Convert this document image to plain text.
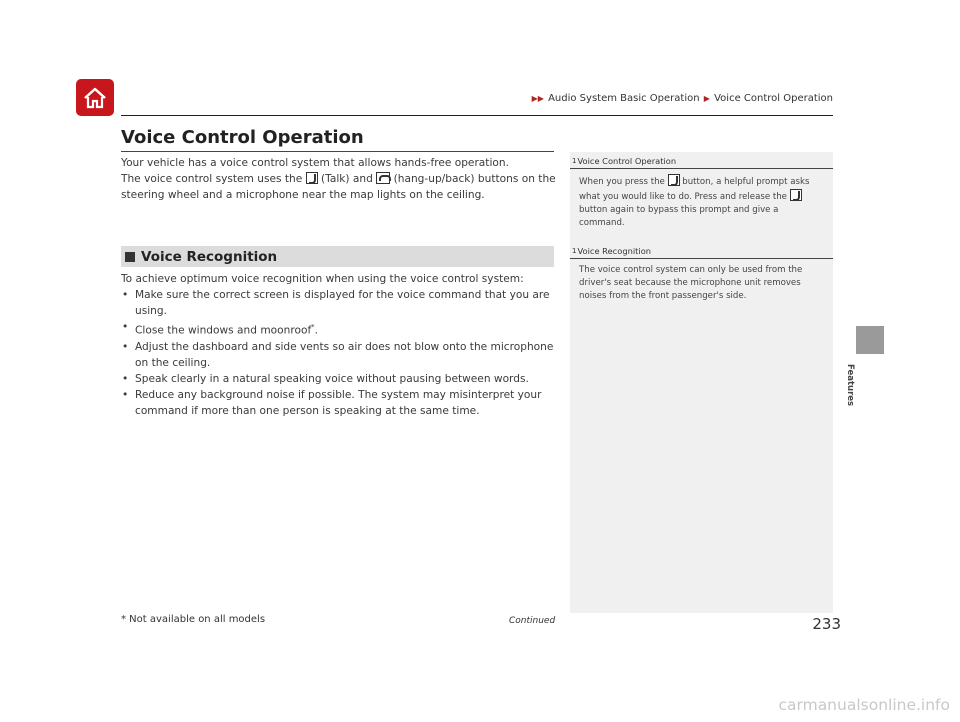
▶▶ Audio System Basic Operation ▶ Voice Control Operation
Voice Control Operation

Your vehicle has a voice control system that allows hands-free operation.

The voice control system uses the (Talk) and (hang-up/back) buttons on the

steering wheel and a microphone near the map lights on the ceiling.

Voice Recognition

To achieve optimum voice recognition when using the voice control system:

• Make sure the correct screen is displayed for the voice command that you are using.
• Close the windows and moonroof*.
• Adjust the dashboard and side vents so air does not blow onto the microphone on the ceiling.
• Speak clearly in a natural speaking voice without pausing between words.
• Reduce any background noise if possible. The system may misinterpret your command if more than one person is speaking at the same time.
1 Voice Control Operation
When you press the button, a helpful prompt asks what you would like to do. Press and release the  button again to bypass this prompt and give a command.
1 Voice Recognition
The voice control system can only be used from the driver's seat because the microphone unit removes noises from the front passenger's side.
Features
* Not available on all models	Continued	233
carmanualsonline.info
